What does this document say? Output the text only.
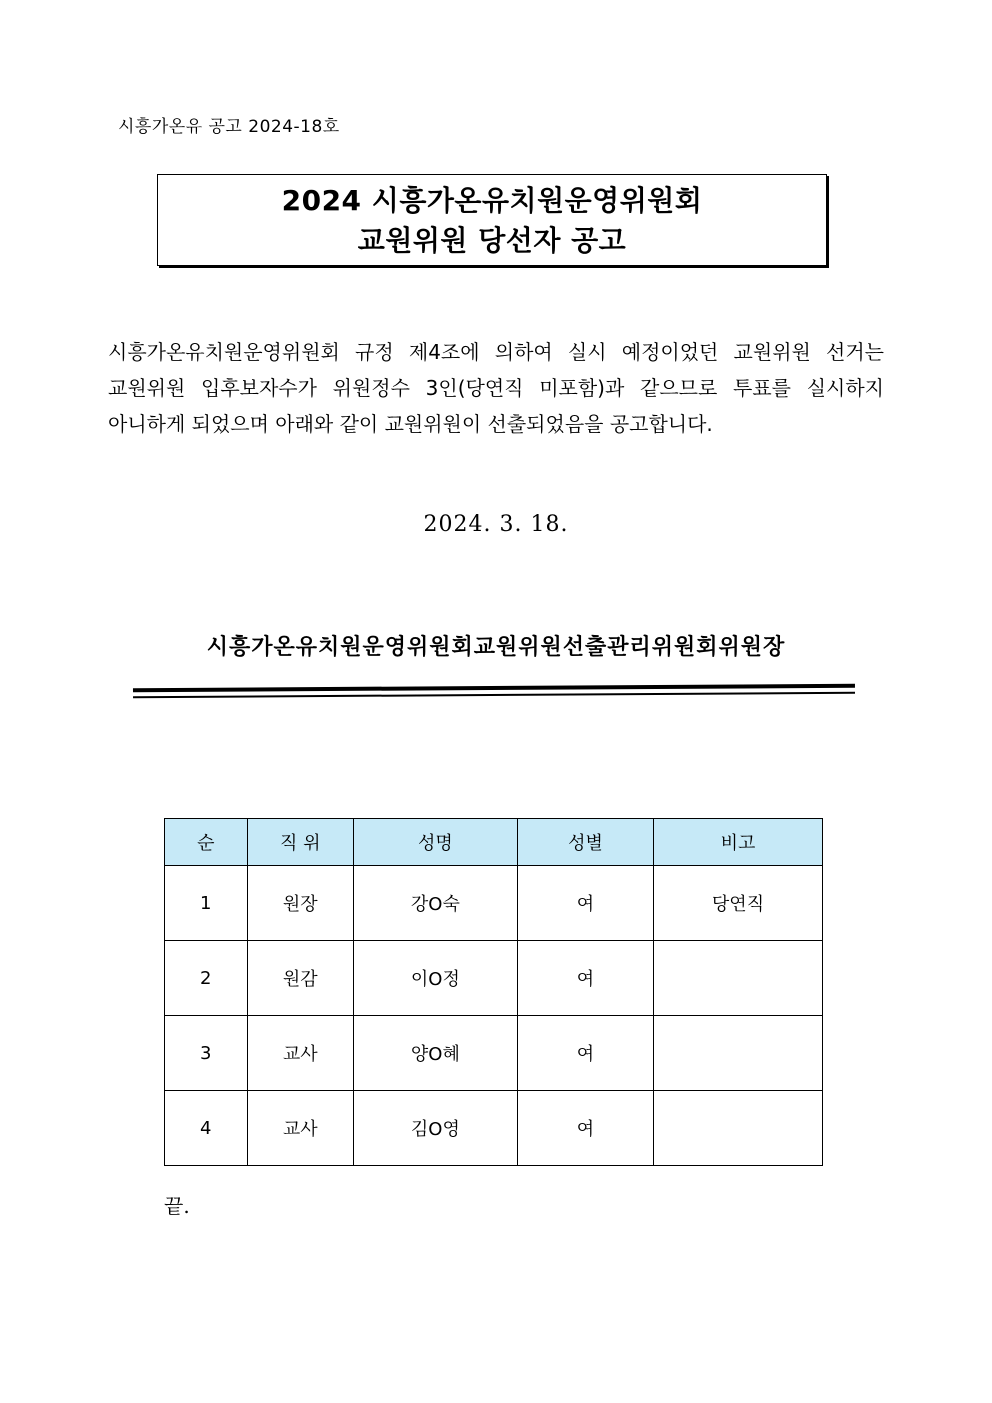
시흥가온유 공고 2024-18호
2024 시흥가온유치원운영위원회
교원위원 당선자 공고
시흥가온유치원운영위원회 규정 제4조에 의하여 실시 예정이었던 교원위원 선거는 교원위원 입후보자수가 위원정수 3인(당연직 미포함)과 같으므로 투표를 실시하지 아니하게 되었으며 아래와 같이 교원위원이 선출되었음을 공고합니다.
2024. 3. 18.
시흥가온유치원운영위원회교원위원선출관리위원회위원장
순	직 위	성명	성별	비고
1	원장	강O숙	여	당연직
2	원감	이O정	여	
3	교사	양O혜	여	
4	교사	김O영	여	
끝.
